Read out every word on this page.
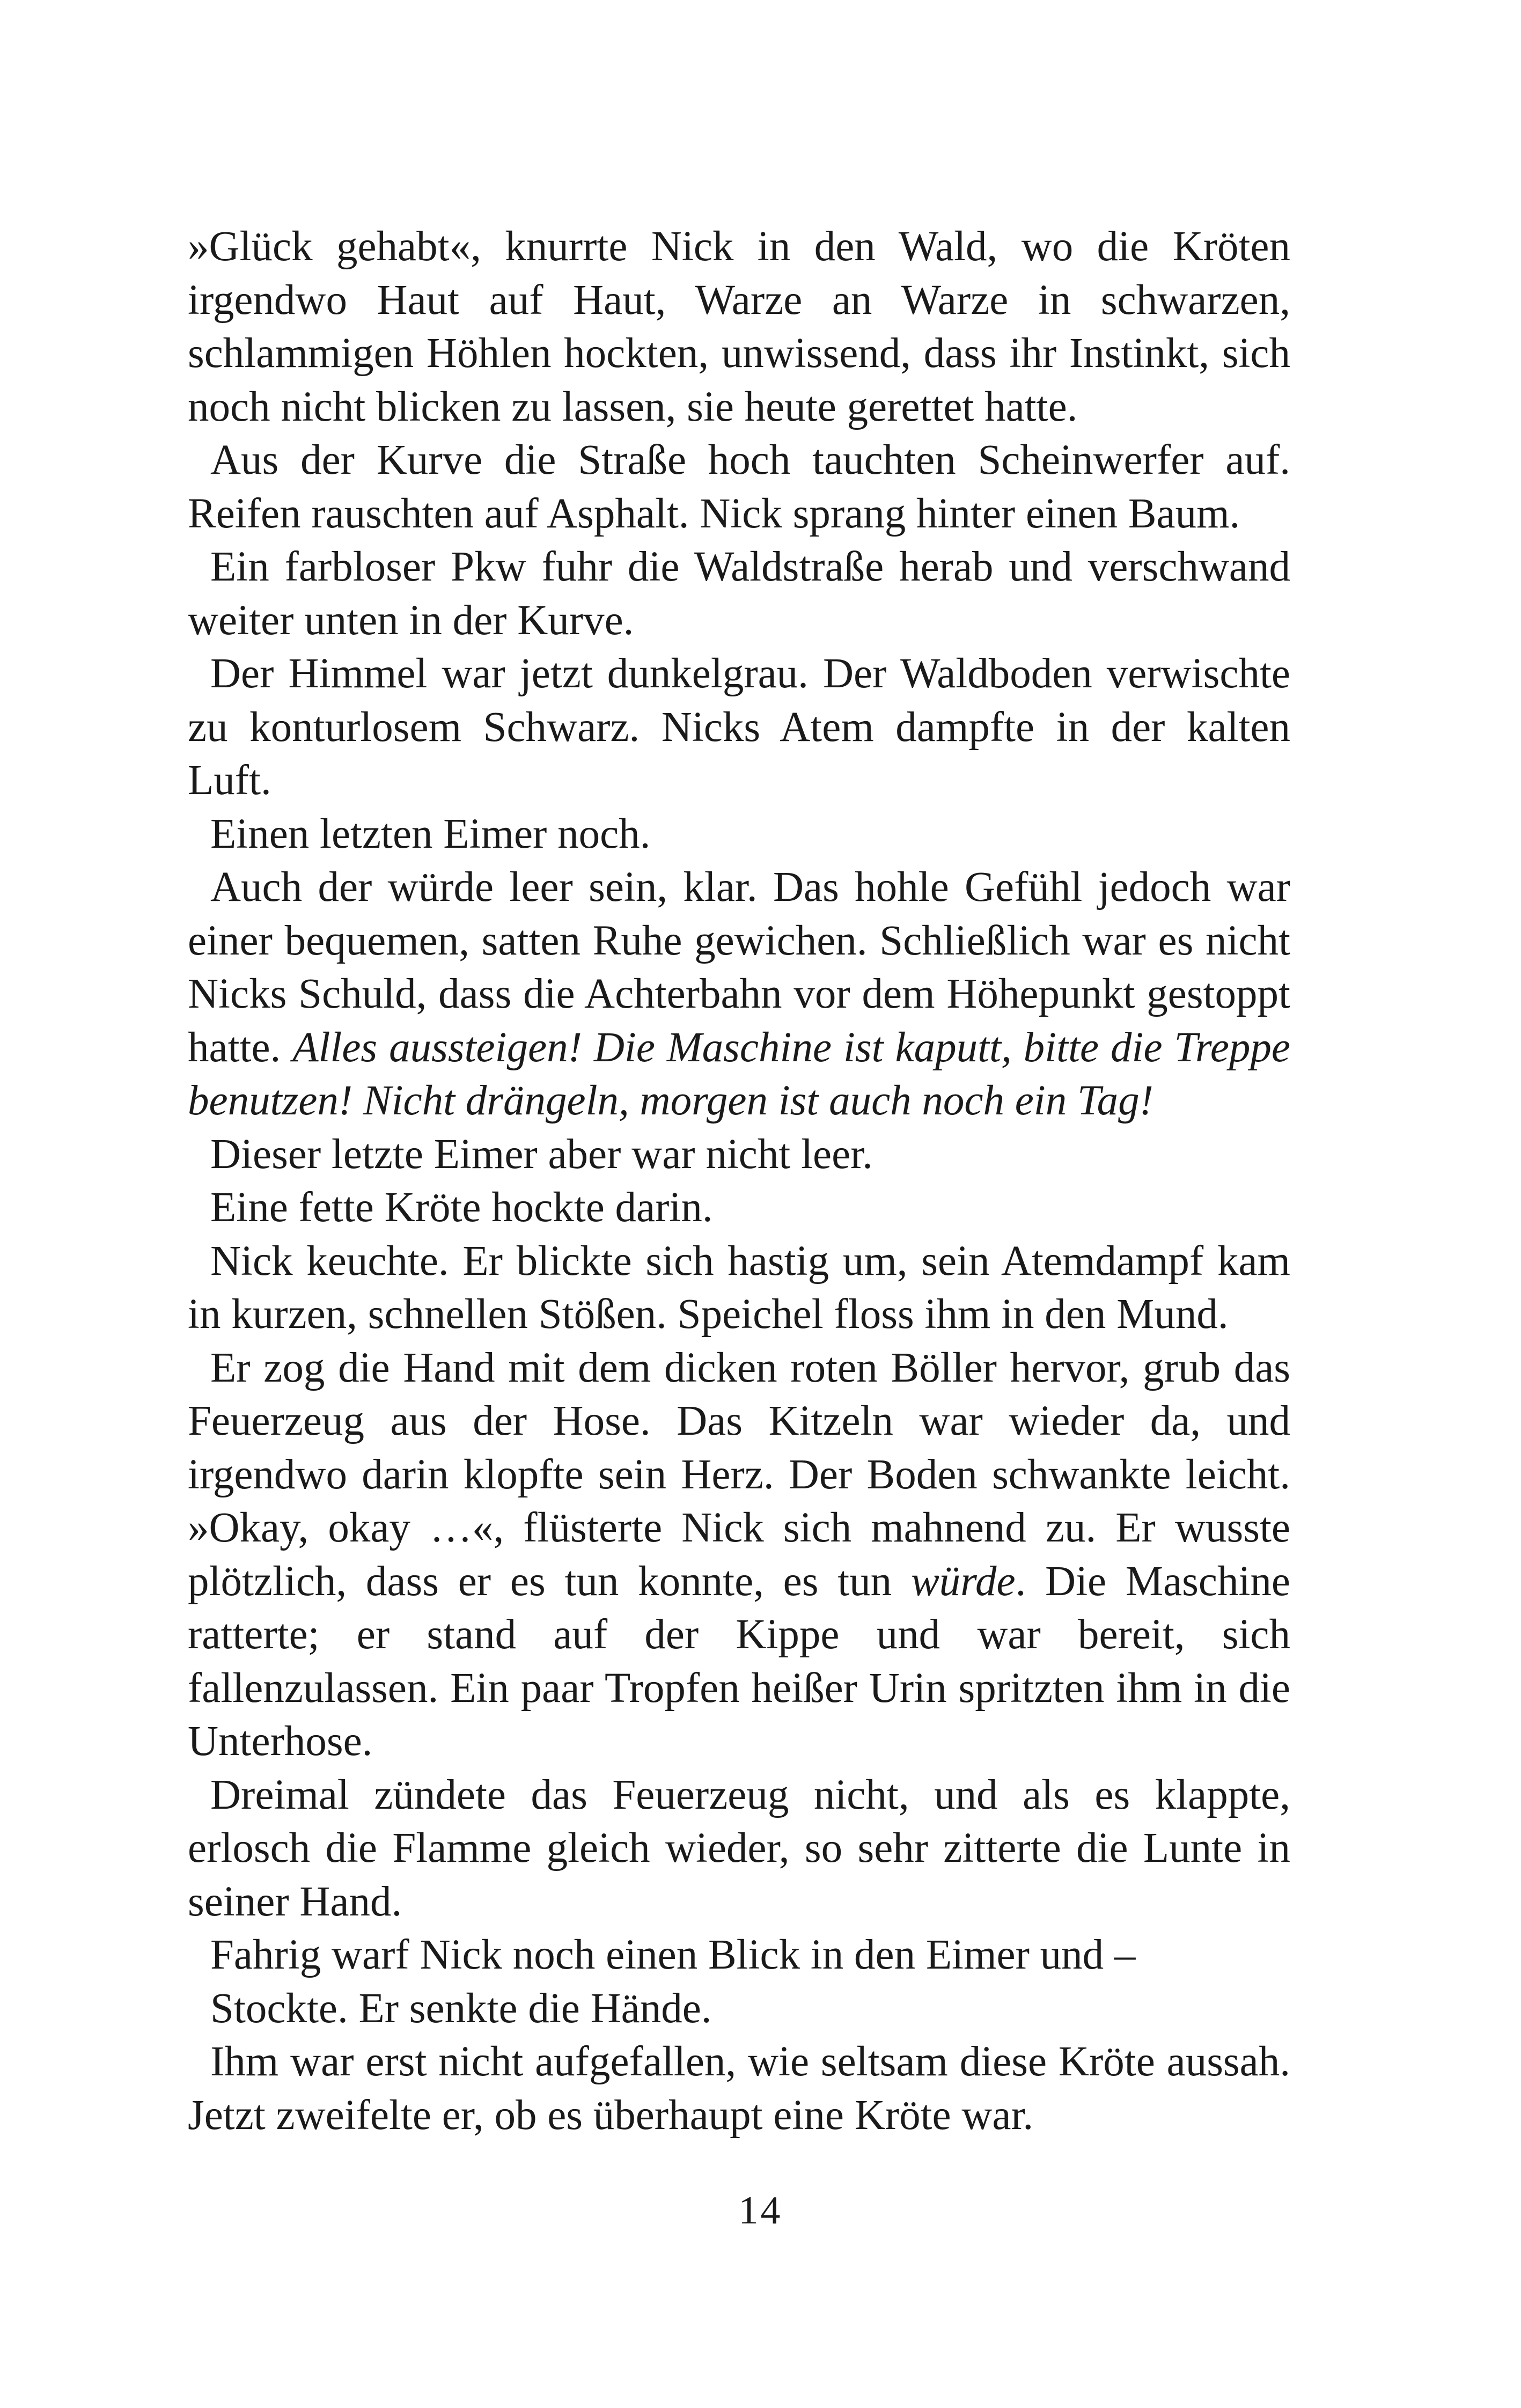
»Glück gehabt«, knurrte Nick in den Wald, wo die Kröten irgendwo Haut auf Haut, Warze an Warze in schwarzen, schlammigen Höhlen hockten, unwissend, dass ihr Instinkt, sich noch nicht blicken zu lassen, sie heute gerettet hatte.

Aus der Kurve die Straße hoch tauchten Scheinwerfer auf. Reifen rauschten auf Asphalt. Nick sprang hinter einen Baum.

Ein farbloser Pkw fuhr die Waldstraße herab und verschwand weiter unten in der Kurve.

Der Himmel war jetzt dunkelgrau. Der Waldboden verwischte zu konturlosem Schwarz. Nicks Atem dampfte in der kalten Luft.

Einen letzten Eimer noch.

Auch der würde leer sein, klar. Das hohle Gefühl jedoch war einer bequemen, satten Ruhe gewichen. Schließlich war es nicht Nicks Schuld, dass die Achterbahn vor dem Höhepunkt gestoppt hatte. Alles aussteigen! Die Maschine ist kaputt, bitte die Treppe benutzen! Nicht drängeln, morgen ist auch noch ein Tag!

Dieser letzte Eimer aber war nicht leer.

Eine fette Kröte hockte darin.

Nick keuchte. Er blickte sich hastig um, sein Atemdampf kam in kurzen, schnellen Stößen. Speichel floss ihm in den Mund.

Er zog die Hand mit dem dicken roten Böller hervor, grub das Feuerzeug aus der Hose. Das Kitzeln war wieder da, und irgendwo darin klopfte sein Herz. Der Boden schwankte leicht. »Okay, okay …«, flüsterte Nick sich mahnend zu. Er wusste plötzlich, dass er es tun konnte, es tun würde. Die Maschine ratterte; er stand auf der Kippe und war bereit, sich fallenzulassen. Ein paar Tropfen heißer Urin spritzten ihm in die Unterhose.

Dreimal zündete das Feuerzeug nicht, und als es klappte, erlosch die Flamme gleich wieder, so sehr zitterte die Lunte in seiner Hand.

Fahrig warf Nick noch einen Blick in den Eimer und –

Stockte. Er senkte die Hände.

Ihm war erst nicht aufgefallen, wie seltsam diese Kröte aussah. Jetzt zweifelte er, ob es überhaupt eine Kröte war.

14
